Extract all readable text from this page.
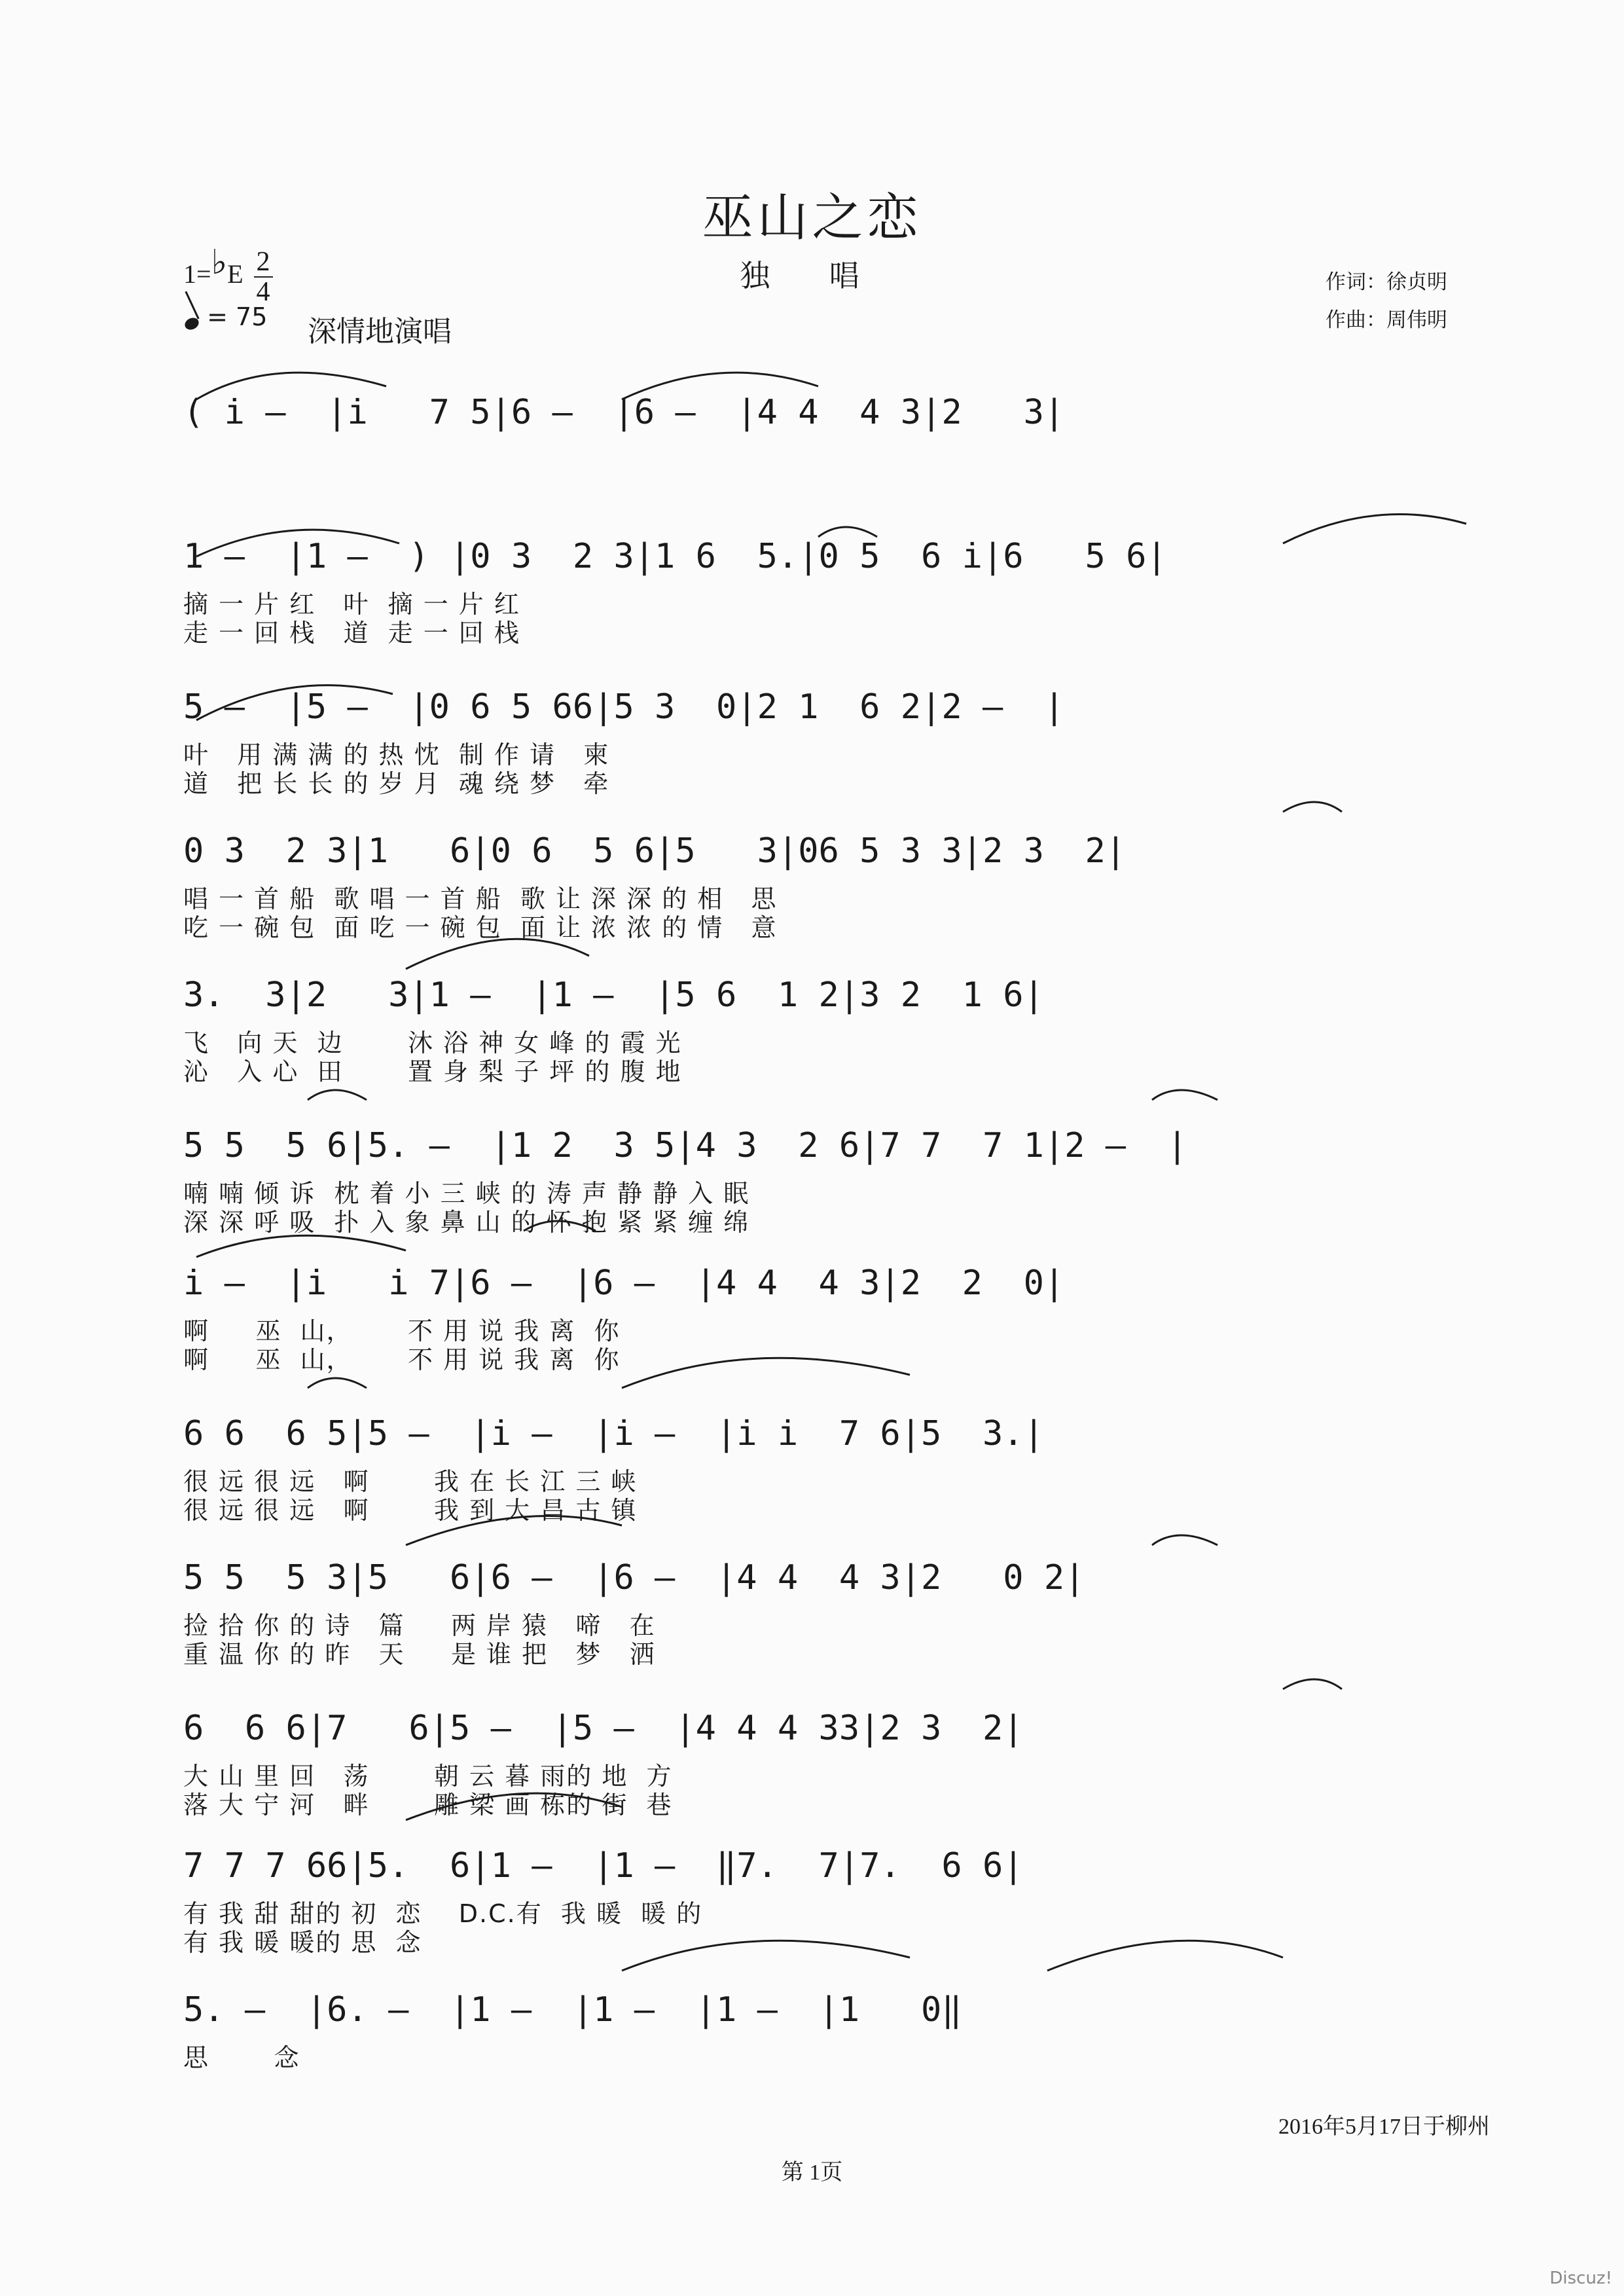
巫山之恋
独 唱
1=♭E $\frac{2}{4}$
= 75 深情地演唱
作词：徐贞明
作曲：周伟明
( i̇ –  |i̇   7 5|6 –  |6 –  |4 4  4 3|2   3|
1 –  |1 –  ) |0 3  2 3|1 6  5.|0 5  6 i̇|6   5 6|
摘 一 片 红   叶  摘 一 片 红
走 一 回 栈   道  走 一 回 栈
5 –  |5 –  |0 6 5 66|5 3  0|2 1  6 2|2 –  |
叶   用 满 满 的 热 忱  制 作 请   柬
道   把 长 长 的 岁 月  魂 绕 梦   牵
0 3  2 3|1   6|0 6  5 6|5   3|06 5 3 3|2 3  2|
唱 一 首 船  歌 唱 一 首 船  歌 让 深 深 的 相   思
吃 一 碗 包  面 吃 一 碗 包  面 让 浓 浓 的 情   意
3.  3|2   3|1 –  |1 –  |5 6  1 2|3 2  1 6|
飞   向 天  边       沐 浴 神 女 峰 的 霞 光
沁   入 心  田       置 身 梨 子 坪 的 腹 地
5 5  5 6|5. –  |1 2  3 5|4 3  2 6|7 7  7 1|2 –  |
喃 喃 倾 诉  枕 着 小 三 峡 的 涛 声 静 静 入 眠
深 深 呼 吸  扑 入 象 鼻 山 的 怀 抱 紧 紧 缠 绵
i̇ –  |i̇   i̇ 7|6 –  |6 –  |4 4  4 3|2  2  0|
啊     巫  山，      不 用 说 我 离  你
啊     巫  山，      不 用 说 我 离  你
6 6  6 5|5 –  |i̇ –  |i̇ –  |i̇ i̇  7 6|5  3.|
很 远 很 远   啊       我 在 长 江 三 峡
很 远 很 远   啊       我 到 大 昌 古 镇
5 5  5 3|5   6|6 –  |6 –  |4 4  4 3|2   0 2|
捡 拾 你 的 诗   篇     两 岸 猿   啼   在
重 温 你 的 昨   天     是 谁 把   梦   洒
6  6 6|7   6|5 –  |5 –  |4 4 4 33|2 3  2|
大 山 里 回   荡       朝 云 暮 雨的 地  方
落 大 宁 河   畔       雕 梁 画 栋的 街  巷
7 7 7 66|5.  6|1 –  |1 –  ‖7.  7|7.  6 6|
有 我 甜 甜的 初  恋    D.C.有  我 暖  暖 的
有 我 暖 暖的 思  念
5. –  |6. –  |1 –  |1 –  |1 –  |1   0‖
思       念
2016年5月17日于柳州
第 1页
Discuz!
